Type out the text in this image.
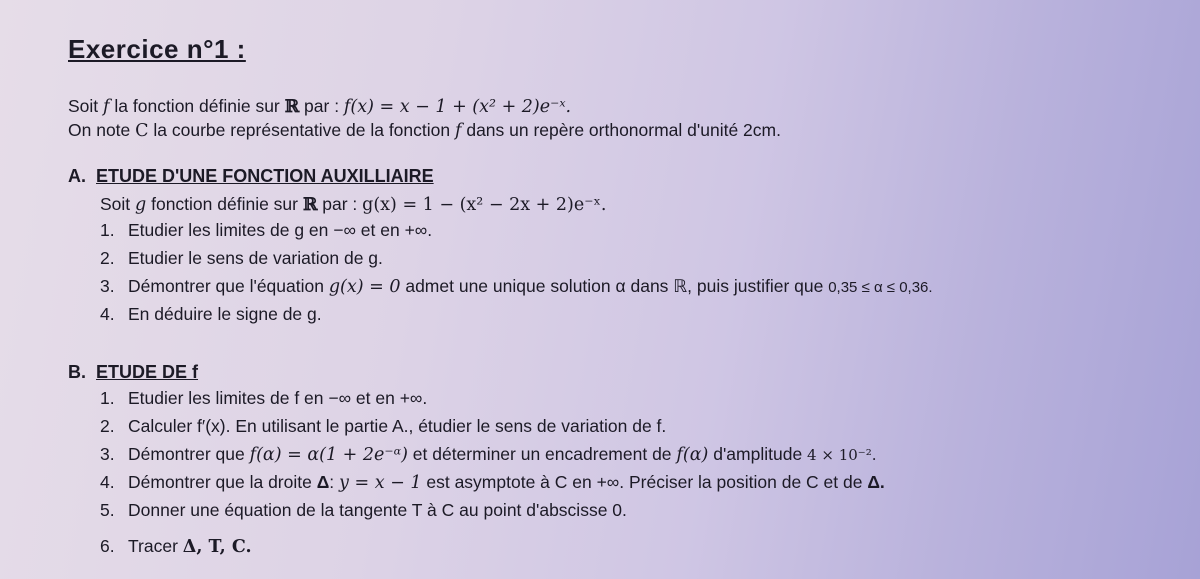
Exercice n°1 :
Soit f la fonction définie sur ℝ par : f(x) = x − 1 + (x² + 2)e⁻ˣ.
On note C la courbe représentative de la fonction f dans un repère orthonormal d'unité 2cm.
A. ETUDE D'UNE FONCTION AUXILLIAIRE
Soit g fonction définie sur ℝ par : g(x) = 1 − (x² − 2x + 2)e⁻ˣ.
1. Etudier les limites de g en −∞ et en +∞.
2. Etudier le sens de variation de g.
3. Démontrer que l'équation g(x) = 0 admet une unique solution α dans ℝ, puis justifier que 0,35 ≤ α ≤ 0,36.
4. En déduire le signe de g.
B. ETUDE DE f
1. Etudier les limites de f en −∞ et en +∞.
2. Calculer f′(x). En utilisant le partie A., étudier le sens de variation de f.
3. Démontrer que f(α) = α(1 + 2e⁻ᵅ) et déterminer un encadrement de f(α) d'amplitude 4 × 10⁻².
4. Démontrer que la droite Δ: y = x − 1 est asymptote à C en +∞. Préciser la position de C et de Δ.
5. Donner une équation de la tangente T à C au point d'abscisse 0.
6. Tracer Δ, T, C.
